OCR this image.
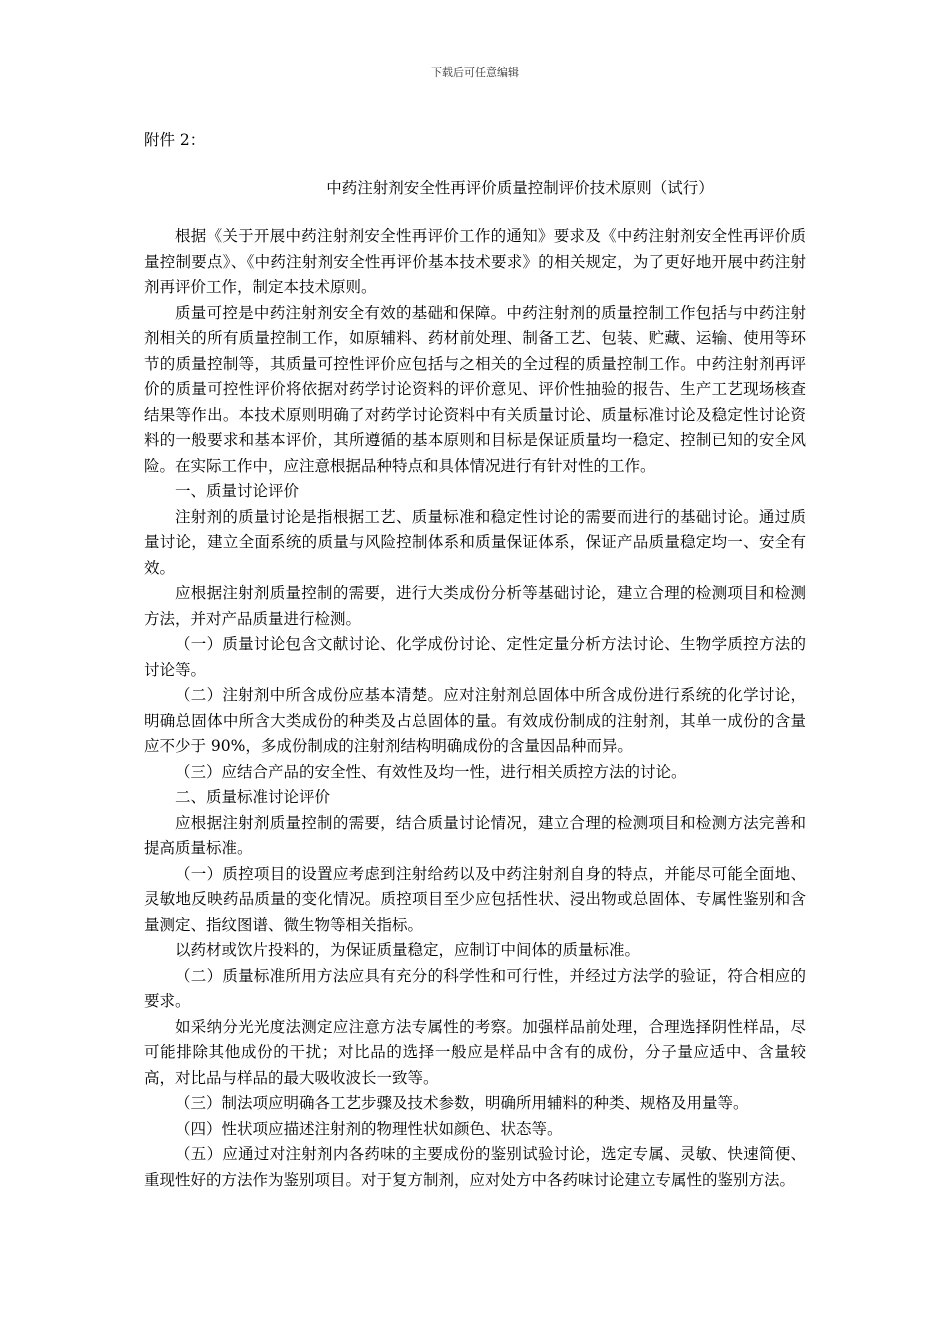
下载后可任意编辑
附件 2：
中药注射剂安全性再评价质量控制评价技术原则（试行）

根据《关于开展中药注射剂安全性再评价工作的通知》要求及《中药注射剂安全性再评价质量控制要点》、《中药注射剂安全性再评价基本技术要求》的相关规定，为了更好地开展中药注射剂再评价工作，制定本技术原则。

质量可控是中药注射剂安全有效的基础和保障。中药注射剂的质量控制工作包括与中药注射剂相关的所有质量控制工作，如原辅料、药材前处理、制备工艺、包装、贮藏、运输、使用等环节的质量控制等，其质量可控性评价应包括与之相关的全过程的质量控制工作。中药注射剂再评价的质量可控性评价将依据对药学讨论资料的评价意见、评价性抽验的报告、生产工艺现场核查结果等作出。本技术原则明确了对药学讨论资料中有关质量讨论、质量标准讨论及稳定性讨论资料的一般要求和基本评价，其所遵循的基本原则和目标是保证质量均一稳定、控制已知的安全风险。在实际工作中，应注意根据品种特点和具体情况进行有针对性的工作。

一、质量讨论评价

注射剂的质量讨论是指根据工艺、质量标准和稳定性讨论的需要而进行的基础讨论。通过质量讨论，建立全面系统的质量与风险控制体系和质量保证体系，保证产品质量稳定均一、安全有效。

应根据注射剂质量控制的需要，进行大类成份分析等基础讨论，建立合理的检测项目和检测方法，并对产品质量进行检测。

（一）质量讨论包含文献讨论、化学成份讨论、定性定量分析方法讨论、生物学质控方法的讨论等。

（二）注射剂中所含成份应基本清楚。应对注射剂总固体中所含成份进行系统的化学讨论，明确总固体中所含大类成份的种类及占总固体的量。有效成份制成的注射剂，其单一成份的含量应不少于 90%，多成份制成的注射剂结构明确成份的含量因品种而异。

（三）应结合产品的安全性、有效性及均一性，进行相关质控方法的讨论。

二、质量标准讨论评价

应根据注射剂质量控制的需要，结合质量讨论情况，建立合理的检测项目和检测方法完善和提高质量标准。

（一）质控项目的设置应考虑到注射给药以及中药注射剂自身的特点，并能尽可能全面地、灵敏地反映药品质量的变化情况。质控项目至少应包括性状、浸出物或总固体、专属性鉴别和含量测定、指纹图谱、微生物等相关指标。

以药材或饮片投料的，为保证质量稳定，应制订中间体的质量标准。

（二）质量标准所用方法应具有充分的科学性和可行性，并经过方法学的验证，符合相应的要求。

如采纳分光光度法测定应注意方法专属性的考察。加强样品前处理，合理选择阴性样品，尽可能排除其他成份的干扰；对比品的选择一般应是样品中含有的成份，分子量应适中、含量较高，对比品与样品的最大吸收波长一致等。

（三）制法项应明确各工艺步骤及技术参数，明确所用辅料的种类、规格及用量等。

（四）性状项应描述注射剂的物理性状如颜色、状态等。

（五）应通过对注射剂内各药味的主要成份的鉴别试验讨论，选定专属、灵敏、快速简便、重现性好的方法作为鉴别项目。对于复方制剂，应对处方中各药味讨论建立专属性的鉴别方法。
